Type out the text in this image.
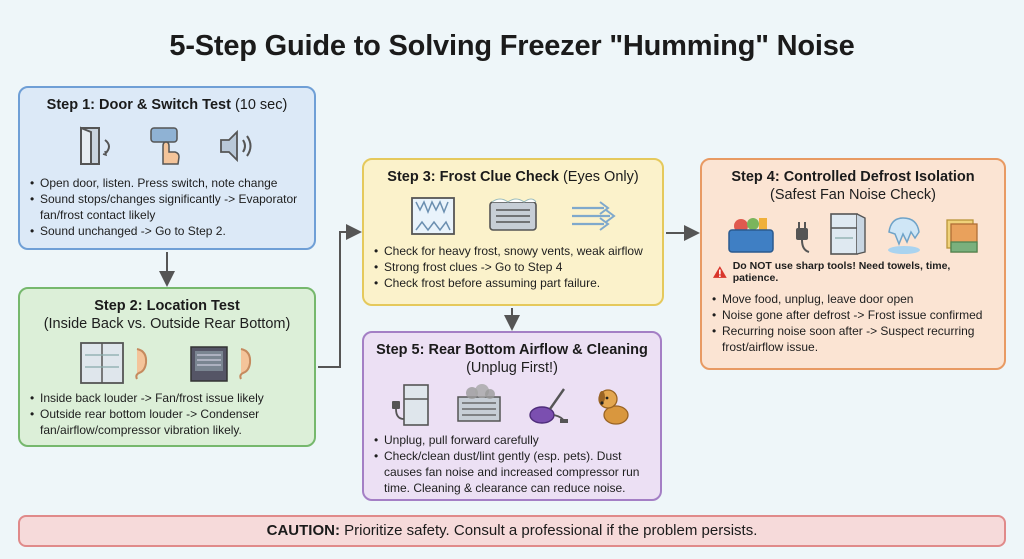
5-Step Guide to Solving Freezer "Humming" Noise
Step 1: Door & Switch Test (10 sec)
• Open door, listen. Press switch, note change
• Sound stops/changes significantly -> Evaporator fan/frost contact likely
• Sound unchanged -> Go to Step 2.
Step 2: Location Test
(Inside Back vs. Outside Rear Bottom)
• Inside back louder -> Fan/frost issue likely
• Outside rear bottom louder -> Condenser fan/airflow/compressor vibration likely.
Step 3: Frost Clue Check (Eyes Only)
• Check for heavy frost, snowy vents, weak airflow
• Strong frost clues -> Go to Step 4
• Check frost before assuming part failure.
Step 4: Controlled Defrost Isolation
(Safest Fan Noise Check)
Do NOT use sharp tools! Need towels, time, patience.
• Move food, unplug, leave door open
• Noise gone after defrost -> Frost issue confirmed
• Recurring noise soon after -> Suspect recurring frost/airflow issue.
Step 5: Rear Bottom Airflow & Cleaning
(Unplug First!)
• Unplug, pull forward carefully
• Check/clean dust/lint gently (esp. pets). Dust causes fan noise and increased compressor run time. Cleaning & clearance can reduce noise.
CAUTION: Prioritize safety. Consult a professional if the problem persists.
